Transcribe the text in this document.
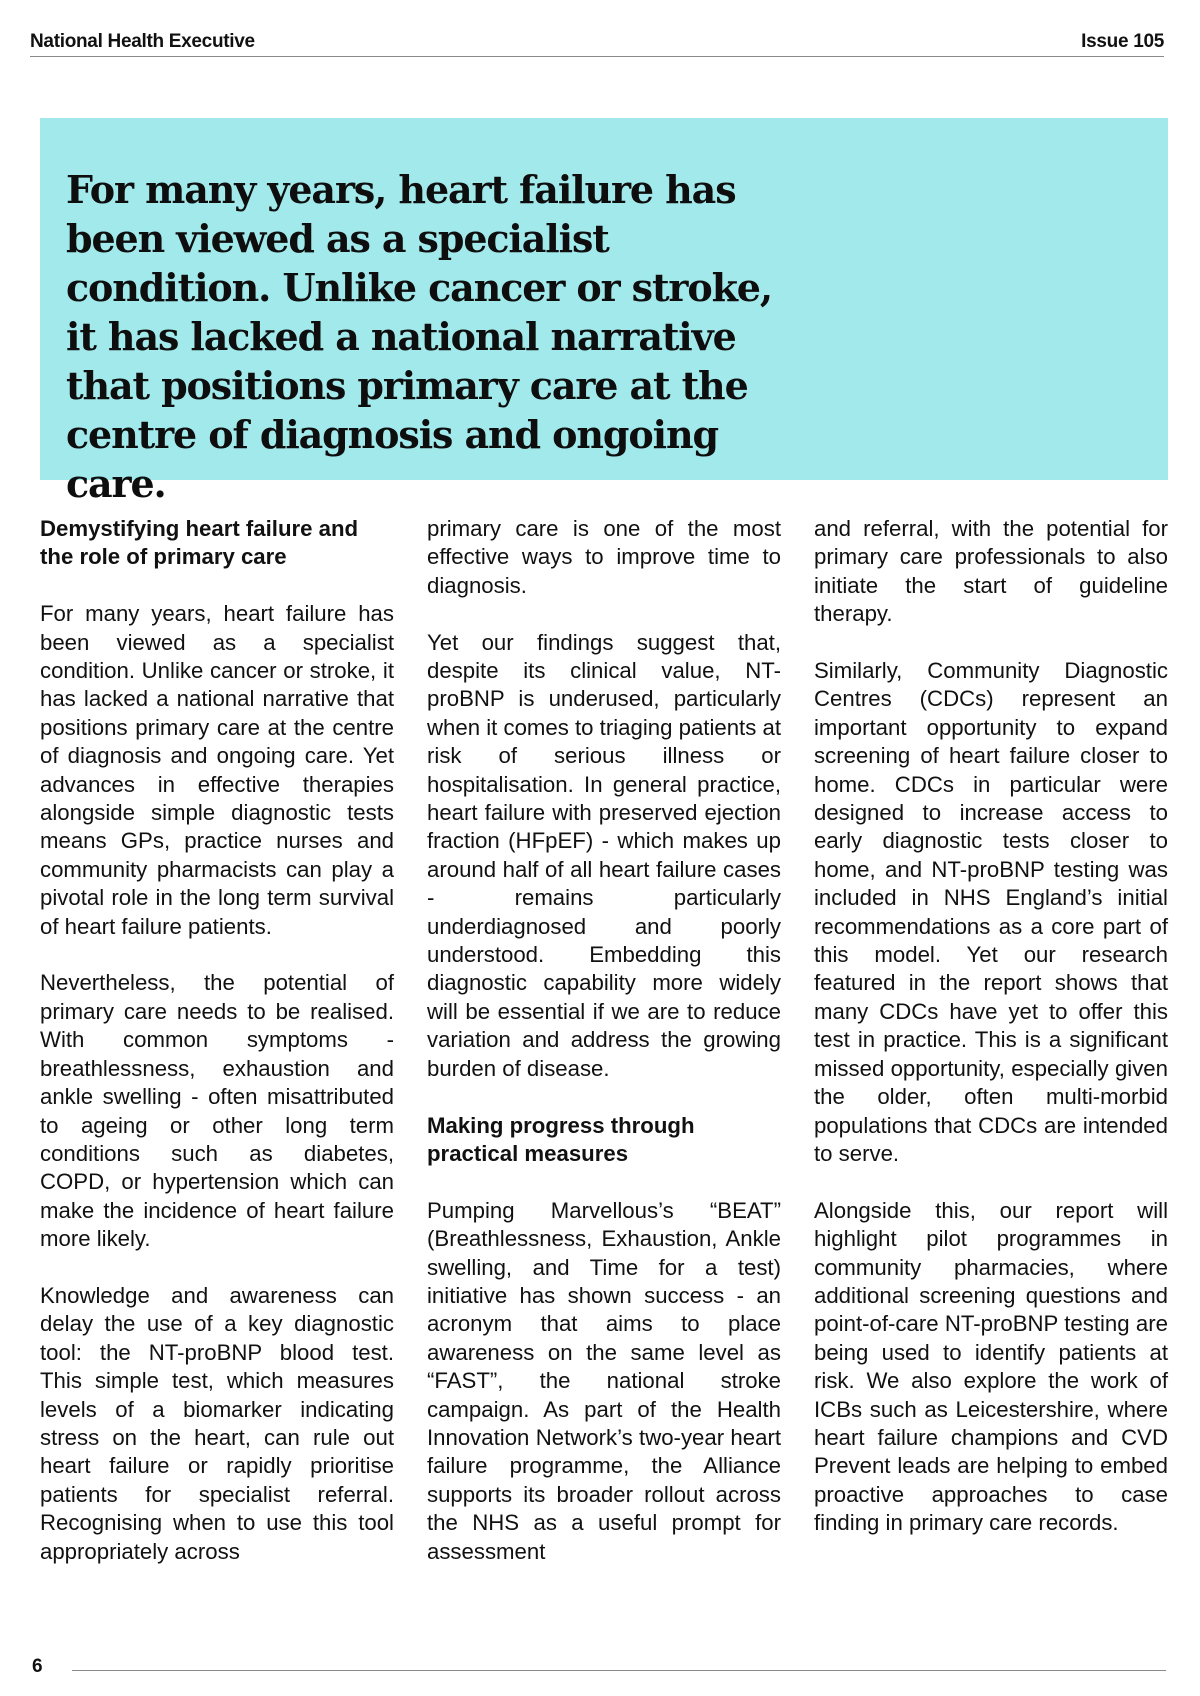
National Health Executive	Issue 105

For many years, heart failure has been viewed as a specialist condition. Unlike cancer or stroke, it has lacked a national narrative that positions primary care at the centre of diagnosis and ongoing care.

Demystifying heart failure and the role of primary care

For many years, heart failure has been viewed as a specialist condition. Unlike cancer or stroke, it has lacked a national narrative that positions primary care at the centre of diagnosis and ongoing care. Yet advances in effective therapies alongside simple diagnostic tests means GPs, practice nurses and community pharmacists can play a pivotal role in the long term survival of heart failure patients.

Nevertheless, the potential of primary care needs to be realised. With common symptoms - breathlessness, exhaustion and ankle swelling - often misattributed to ageing or other long term conditions such as diabetes, COPD, or hypertension which can make the incidence of heart failure more likely.

Knowledge and awareness can delay the use of a key diagnostic tool: the NT-proBNP blood test. This simple test, which measures levels of a biomarker indicating stress on the heart, can rule out heart failure or rapidly prioritise patients for specialist referral. Recognising when to use this tool appropriately across

primary care is one of the most effective ways to improve time to diagnosis.

Yet our findings suggest that, despite its clinical value, NT-proBNP is underused, particularly when it comes to triaging patients at risk of serious illness or hospitalisation. In general practice, heart failure with preserved ejection fraction (HFpEF) - which makes up around half of all heart failure cases - remains particularly underdiagnosed and poorly understood. Embedding this diagnostic capability more widely will be essential if we are to reduce variation and address the growing burden of disease.

Making progress through practical measures

Pumping Marvellous’s “BEAT” (Breathlessness, Exhaustion, Ankle swelling, and Time for a test) initiative has shown success - an acronym that aims to place awareness on the same level as “FAST”, the national stroke campaign. As part of the Health Innovation Network’s two-year heart failure programme, the Alliance supports its broader rollout across the NHS as a useful prompt for assessment

and referral, with the potential for primary care professionals to also initiate the start of guideline therapy.

Similarly, Community Diagnostic Centres (CDCs) represent an important opportunity to expand screening of heart failure closer to home. CDCs in particular were designed to increase access to early diagnostic tests closer to home, and NT-proBNP testing was included in NHS England’s initial recommendations as a core part of this model. Yet our research featured in the report shows that many CDCs have yet to offer this test in practice. This is a significant missed opportunity, especially given the older, often multi-morbid populations that CDCs are intended to serve.

Alongside this, our report will highlight pilot programmes in community pharmacies, where additional screening questions and point-of-care NT-proBNP testing are being used to identify patients at risk. We also explore the work of ICBs such as Leicestershire, where heart failure champions and CVD Prevent leads are helping to embed proactive approaches to case finding in primary care records.

6
